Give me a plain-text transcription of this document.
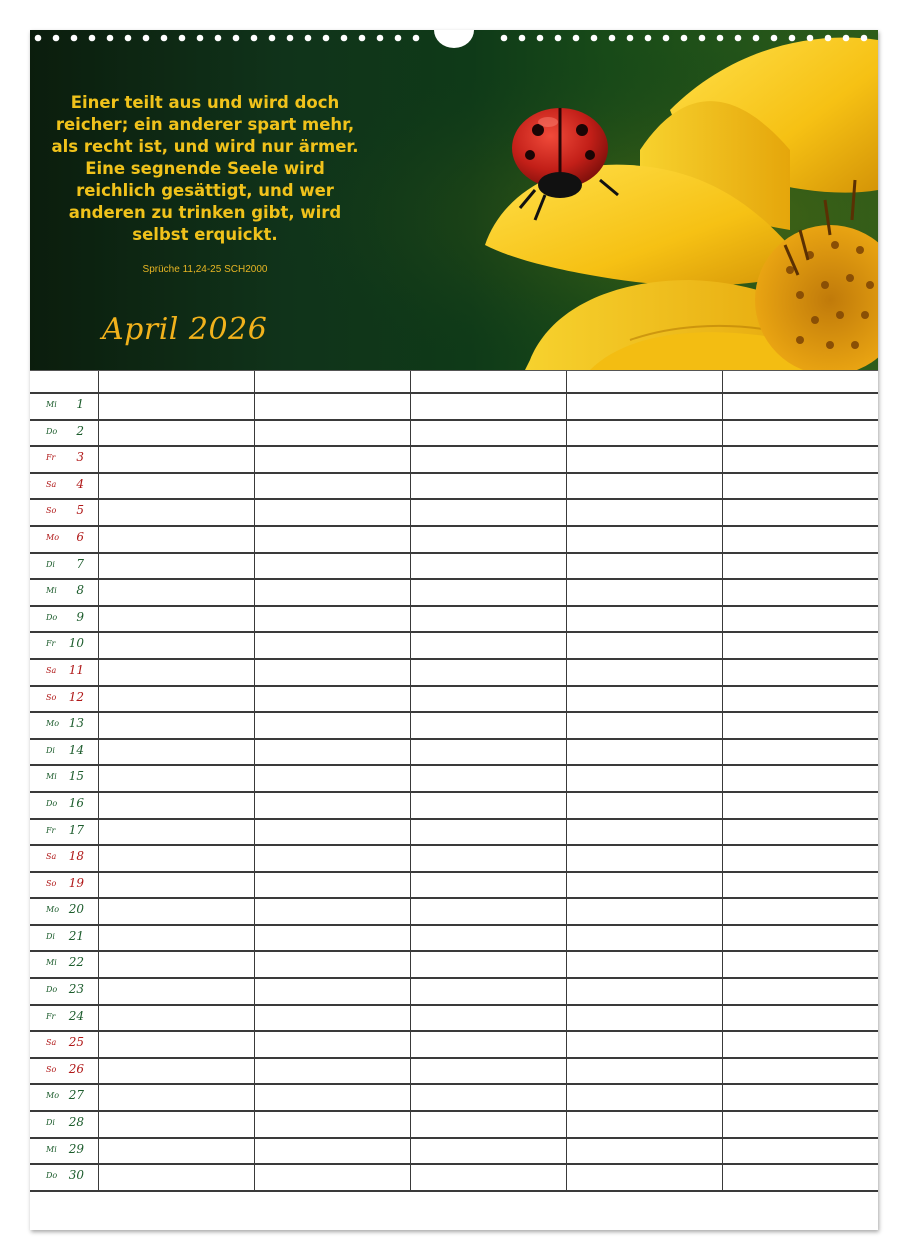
Einer teilt aus und wird doch
reicher; ein anderer spart mehr,
als recht ist, und wird nur ärmer.
Eine segnende Seele wird
reichlich gesättigt, und wer
anderen zu trinken gibt, wird
selbst erquickt.
Sprüche 11,24-25 SCH2000
April 2026
Mi 1
Do 2
Fr 3
Sa 4
So 5
Mo 6
Di 7
Mi 8
Do 9
Fr 10
Sa 11
So 12
Mo 13
Di 14
Mi 15
Do 16
Fr 17
Sa 18
So 19
Mo 20
Di 21
Mi 22
Do 23
Fr 24
Sa 25
So 26
Mo 27
Di 28
Mi 29
Do 30
